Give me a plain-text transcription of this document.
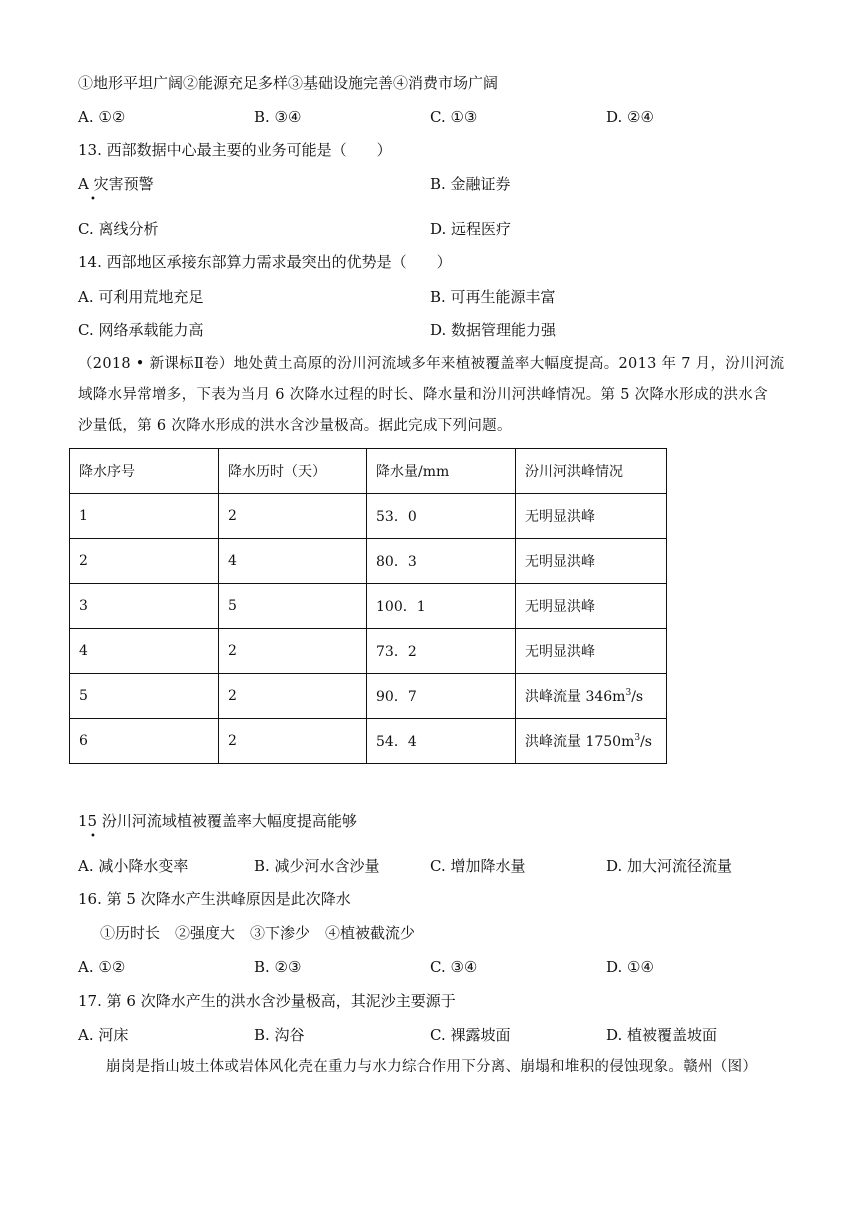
①地形平坦广阔②能源充足多样③基础设施完善④消费市场广阔
A. ①②	B. ③④	C. ①③	D. ②④
13. 西部数据中心最主要的业务可能是（　　）
A 灾害预警
•
B. 金融证券
C. 离线分析	D. 远程医疗
14. 西部地区承接东部算力需求最突出的优势是（　　）
A. 可利用荒地充足	B. 可再生能源丰富
C. 网络承载能力高	D. 数据管理能力强
（2018 • 新课标Ⅱ卷）地处黄土高原的汾川河流域多年来植被覆盖率大幅度提高。2013 年 7 月，汾川河流
域降水异常增多，下表为当月 6 次降水过程的时长、降水量和汾川河洪峰情况。第 5 次降水形成的洪水含
沙量低，第 6 次降水形成的洪水含沙量极高。据此完成下列问题。
降水序号	降水历时（天）	降水量/mm	汾川河洪峰情况
1	2	53．0	无明显洪峰
2	4	80．3	无明显洪峰
3	5	100．1	无明显洪峰
4	2	73．2	无明显洪峰
5	2	90．7	洪峰流量 $346m^3/s$
6	2	54．4	洪峰流量 $1750m^3/s$
15 汾川河流域植被覆盖率大幅度提高能够
•
A. 减小降水变率	B. 减少河水含沙量	C. 增加降水量	D. 加大河流径流量
16. 第 5 次降水产生洪峰原因是此次降水
①历时长　②强度大　③下渗少　④植被截流少
A. ①②	B. ②③	C. ③④	D. ①④
17. 第 6 次降水产生的洪水含沙量极高，其泥沙主要源于
A. 河床	B. 沟谷	C. 裸露坡面	D. 植被覆盖坡面
崩岗是指山坡土体或岩体风化壳在重力与水力综合作用下分离、崩塌和堆积的侵蚀现象。赣州（图）
